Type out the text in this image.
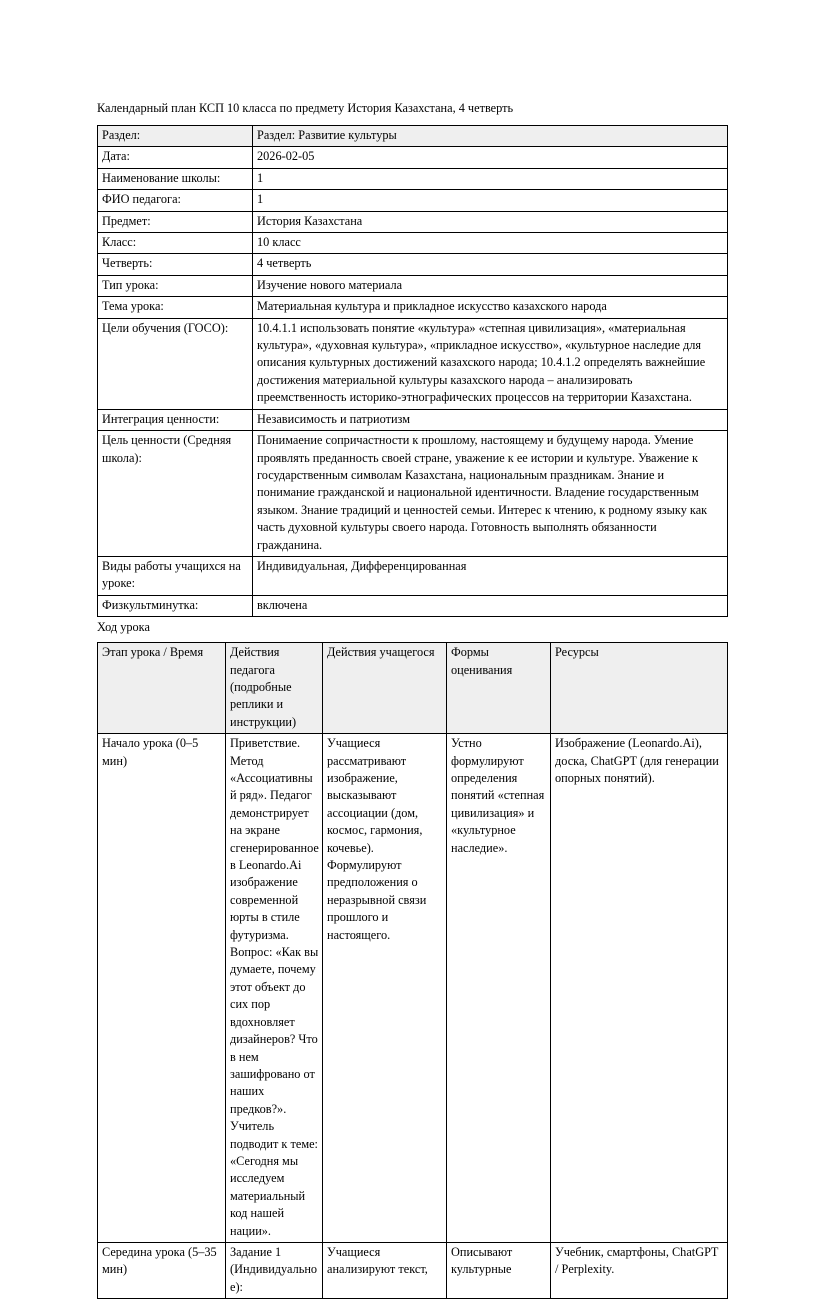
Календарный план КСП 10 класса по предмету История Казахстана, 4 четверть
Раздел:	Раздел: Развитие культуры
Дата:	2026-02-05
Наименование школы:	1
ФИО педагога:	1
Предмет:	История Казахстана
Класс:	10 класс
Четверть:	4 четверть
Тип урока:	Изучение нового материала
Тема урока:	Материальная культура и прикладное искусство казахского народа
Цели обучения (ГОСО):	10.4.1.1 использовать понятие «культура» «степная цивилизация», «материальная культура», «духовная культура», «прикладное искусство», «культурное наследие для описания культурных достижений казахского народа; 10.4.1.2 определять важнейшие достижения материальной культуры казахского народа – анализировать преемственность историко-этнографических процессов на территории Казахстана.
Интеграция ценности:	Независимость и патриотизм
Цель ценности (Средняя школа):	Понимаение сопричастности к прошлому, настоящему и будущему народа. Умение проявлять преданность своей стране, уважение к ее истории и культуре. Уважение к государственным символам Казахстана, национальным праздникам. Знание и понимание гражданской и национальной идентичности. Владение государственным языком. Знание традиций и ценностей семьи. Интерес к чтению, к родному языку как часть духовной культуры своего народа. Готовность выполнять обязанности гражданина.
Виды работы учащихся на уроке:	Индивидуальная, Дифференцированная
Физкультминутка:	включена
Ход урока
Этап урока / Время	Действия педагога (подробные реплики и инструкции)	Действия учащегося	Формы оценивания	Ресурсы
Начало урока (0–5 мин)	Приветствие. Метод «Ассоциативный ряд». Педагог демонстрирует на экране сгенерированное в Leonardo.Ai изображение современной юрты в стиле футуризма. Вопрос: «Как вы думаете, почему этот объект до сих пор вдохновляет дизайнеров? Что в нем зашифровано от наших предков?». Учитель подводит к теме: «Сегодня мы исследуем материальный код нашей нации».	Учащиеся рассматривают изображение, высказывают ассоциации (дом, космос, гармония, кочевье). Формулируют предположения о неразрывной связи прошлого и настоящего.	Устно формулируют определения понятий «степная цивилизация» и «культурное наследие».	Изображение (Leonardo.Ai), доска, ChatGPT (для генерации опорных понятий).
Середина урока (5–35 мин)	Задание 1 (Индивидуальное):	Учащиеся анализируют текст,	Описывают культурные	Учебник, смартфоны, ChatGPT / Perplexity.
